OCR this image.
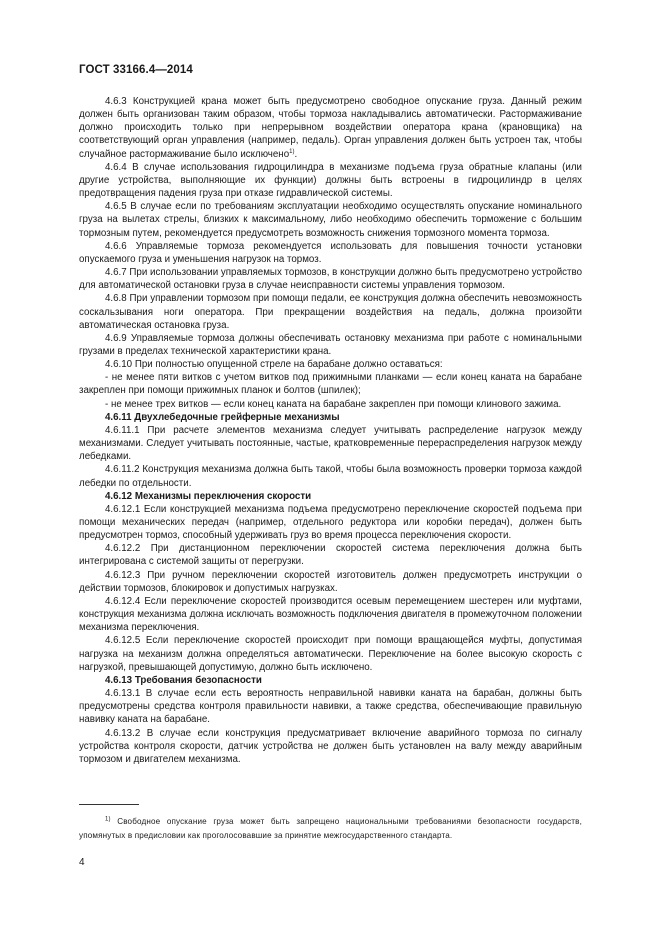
ГОСТ 33166.4—2014

4.6.3 Конструкцией крана может быть предусмотрено свободное опускание груза. Данный режим должен быть организован таким образом, чтобы тормоза накладывались автоматически. Растормаживание должно происходить только при непрерывном воздействии оператора крана (крановщика) на соответствующий орган управления (например, педаль). Орган управления должен быть устроен так, чтобы случайное растормаживание было исключено$^{1)}$.

4.6.4 В случае использования гидроцилиндра в механизме подъема груза обратные клапаны (или другие устройства, выполняющие их функции) должны быть встроены в гидроцилиндр в целях предотвращения падения груза при отказе гидравлической системы.

4.6.5 В случае если по требованиям эксплуатации необходимо осуществлять опускание номинального груза на вылетах стрелы, близких к максимальному, либо необходимо обеспечить торможение с большим тормозным путем, рекомендуется предусмотреть возможность снижения тормозного момента тормоза.

4.6.6 Управляемые тормоза рекомендуется использовать для повышения точности установки опускаемого груза и уменьшения нагрузок на тормоз.

4.6.7 При использовании управляемых тормозов, в конструкции должно быть предусмотрено устройство для автоматической остановки груза в случае неисправности системы управления тормозом.

4.6.8 При управлении тормозом при помощи педали, ее конструкция должна обеспечить невозможность соскальзывания ноги оператора. При прекращении воздействия на педаль, должна произойти автоматическая остановка груза.

4.6.9 Управляемые тормоза должны обеспечивать остановку механизма при работе с номинальными грузами в пределах технической характеристики крана.

4.6.10 При полностью опущенной стреле на барабане должно оставаться:

- не менее пяти витков с учетом витков под прижимными планками — если конец каната на барабане закреплен при помощи прижимных планок и болтов (шпилек);

- не менее трех витков — если конец каната на барабане закреплен при помощи клинового зажима.

4.6.11 Двухлебедочные грейферные механизмы

4.6.11.1 При расчете элементов механизма следует учитывать распределение нагрузок между механизмами. Следует учитывать постоянные, частые, кратковременные перераспределения нагрузок между лебедками.

4.6.11.2 Конструкция механизма должна быть такой, чтобы была возможность проверки тормоза каждой лебедки по отдельности.

4.6.12 Механизмы переключения скорости

4.6.12.1 Если конструкцией механизма подъема предусмотрено переключение скоростей подъема при помощи механических передач (например, отдельного редуктора или коробки передач), должен быть предусмотрен тормоз, способный удерживать груз во время процесса переключения скорости.

4.6.12.2 При дистанционном переключении скоростей система переключения должна быть интегрирована с системой защиты от перегрузки.

4.6.12.3 При ручном переключении скоростей изготовитель должен предусмотреть инструкции о действии тормозов, блокировок и допустимых нагрузках.

4.6.12.4 Если переключение скоростей производится осевым перемещением шестерен или муфтами, конструкция механизма должна исключать возможность подключения двигателя в промежуточном положении механизма переключения.

4.6.12.5 Если переключение скоростей происходит при помощи вращающейся муфты, допустимая нагрузка на механизм должна определяться автоматически. Переключение на более высокую скорость с нагрузкой, превышающей допустимую, должно быть исключено.

4.6.13 Требования безопасности

4.6.13.1 В случае если есть вероятность неправильной навивки каната на барабан, должны быть предусмотрены средства контроля правильности навивки, а также средства, обеспечивающие правильную навивку каната на барабане.

4.6.13.2 В случае если конструкция предусматривает включение аварийного тормоза по сигналу устройства контроля скорости, датчик устройства не должен быть установлен на валу между аварийным тормозом и двигателем механизма.

$^{1)}$ Свободное опускание груза может быть запрещено национальными требованиями безопасности государств, упомянутых в предисловии как проголосовавшие за принятие межгосударственного стандарта.

4
